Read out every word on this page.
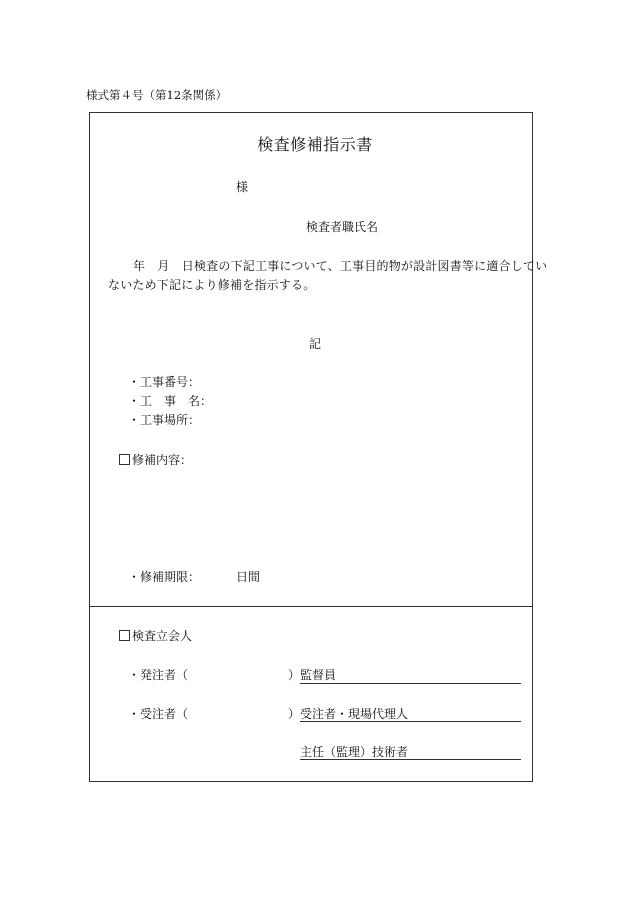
様式第４号（第12条関係）
検査修補指示書
様
検査者職氏名
年　月　日検査の下記工事について、工事目的物が設計図書等に適合してい
ないため下記により修補を指示する。
記
・工事番号：
・工　事　名：
・工事場所：
修補内容：
・修補期限：	日間
検査立会人
・発注者（	） 監督員
・受注者（	） 受注者・現場代理人
主任（監理）技術者
